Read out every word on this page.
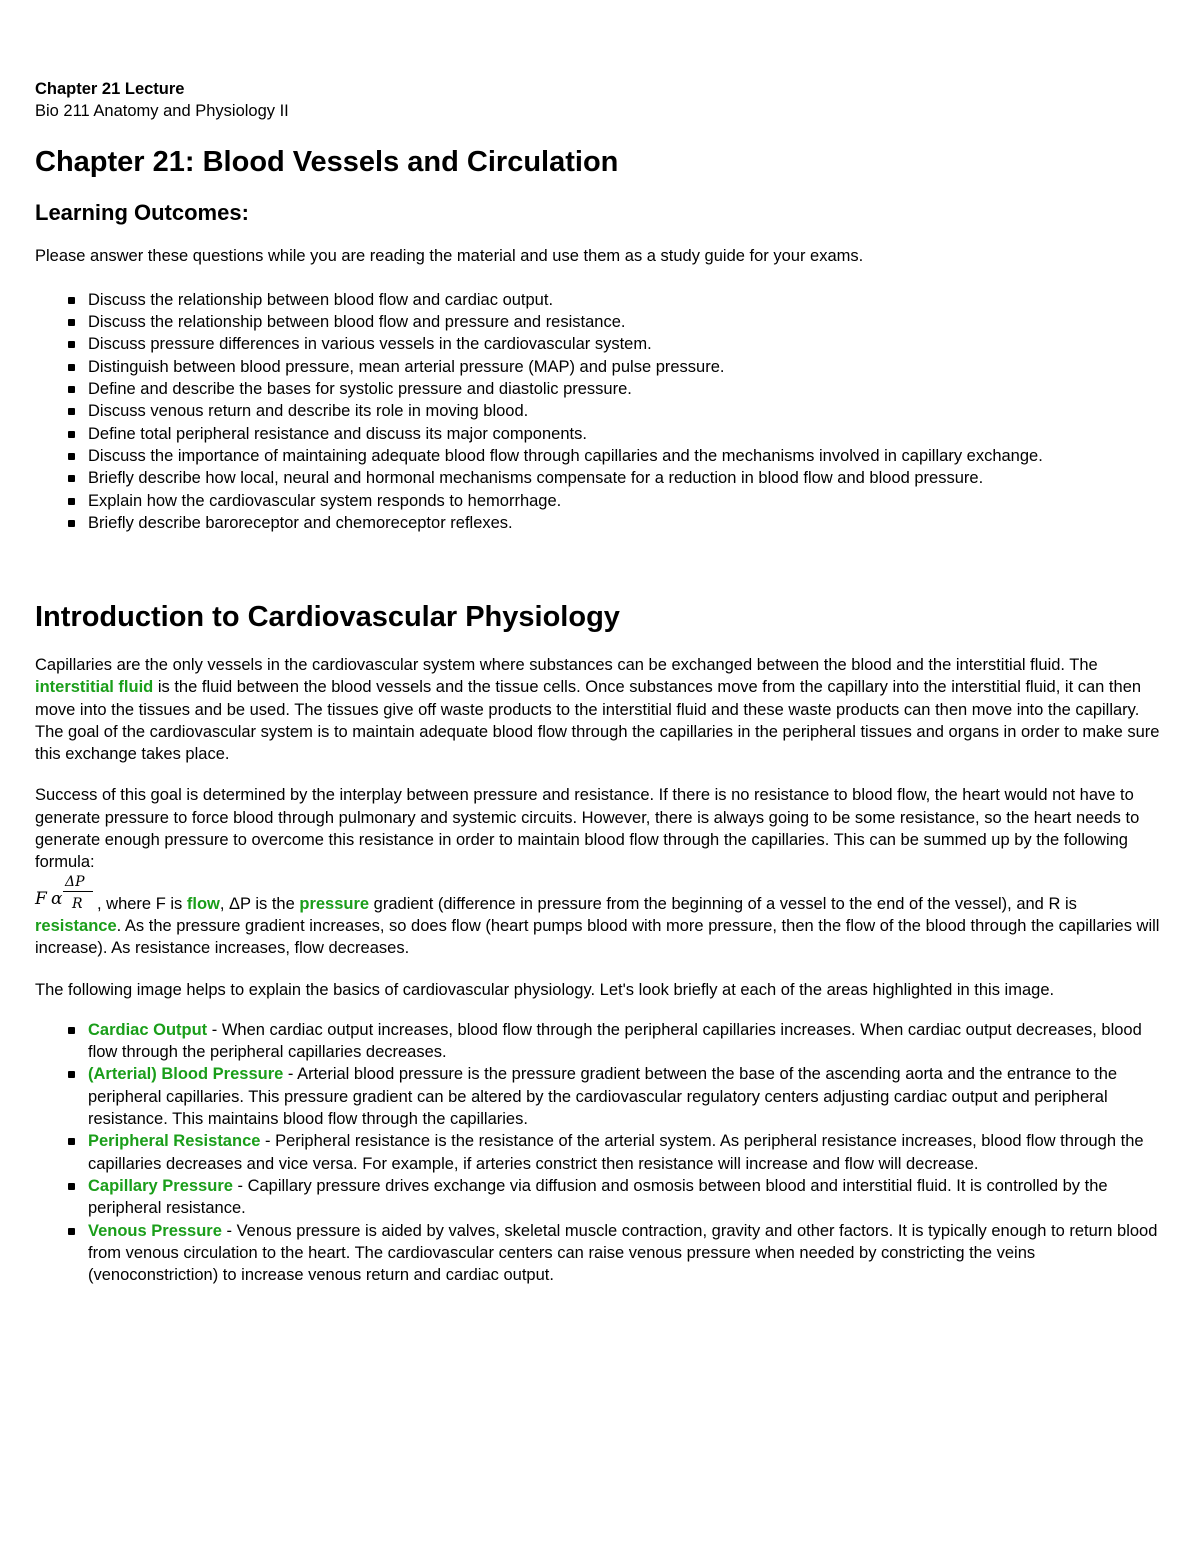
Chapter 21 Lecture

Bio 211 Anatomy and Physiology II

Chapter 21: Blood Vessels and Circulation
Learning Outcomes:

Please answer these questions while you are reading the material and use them as a study guide for your exams.

Discuss the relationship between blood flow and cardiac output.
Discuss the relationship between blood flow and pressure and resistance.
Discuss pressure differences in various vessels in the cardiovascular system.
Distinguish between blood pressure, mean arterial pressure (MAP) and pulse pressure.
Define and describe the bases for systolic pressure and diastolic pressure.
Discuss venous return and describe its role in moving blood.
Define total peripheral resistance and discuss its major components.
Discuss the importance of maintaining adequate blood flow through capillaries and the mechanisms involved in capillary exchange.
Briefly describe how local, neural and hormonal mechanisms compensate for a reduction in blood flow and blood pressure.
Explain how the cardiovascular system responds to hemorrhage.
Briefly describe baroreceptor and chemoreceptor reflexes.
Introduction to Cardiovascular Physiology

Capillaries are the only vessels in the cardiovascular system where substances can be exchanged between the blood and the interstitial fluid. The interstitial fluid is the fluid between the blood vessels and the tissue cells. Once substances move from the capillary into the interstitial fluid, it can then move into the tissues and be used. The tissues give off waste products to the interstitial fluid and these waste products can then move into the capillary. The goal of the cardiovascular system is to maintain adequate blood flow through the capillaries in the peripheral tissues and organs in order to make sure this exchange takes place.

Success of this goal is determined by the interplay between pressure and resistance. If there is no resistance to blood flow, the heart would not have to generate pressure to force blood through pulmonary and systemic circuits. However, there is always going to be some resistance, so the heart needs to generate enough pressure to overcome this resistance in order to maintain blood flow through the capillaries. This can be summed up by the following formula:

F α
ΔP
R , where F is flow, ΔP is the pressure gradient (difference in pressure from the beginning of a vessel to the end of the vessel), and R is resistance. As the pressure gradient increases, so does flow (heart pumps blood with more pressure, then the flow of the blood through the capillaries will increase). As resistance increases, flow decreases.

The following image helps to explain the basics of cardiovascular physiology. Let's look briefly at each of the areas highlighted in this image.

Cardiac Output - When cardiac output increases, blood flow through the peripheral capillaries increases. When cardiac output decreases, blood flow through the peripheral capillaries decreases.
(Arterial) Blood Pressure - Arterial blood pressure is the pressure gradient between the base of the ascending aorta and the entrance to the peripheral capillaries. This pressure gradient can be altered by the cardiovascular regulatory centers adjusting cardiac output and peripheral resistance. This maintains blood flow through the capillaries.
Peripheral Resistance - Peripheral resistance is the resistance of the arterial system. As peripheral resistance increases, blood flow through the capillaries decreases and vice versa. For example, if arteries constrict then resistance will increase and flow will decrease.
Capillary Pressure - Capillary pressure drives exchange via diffusion and osmosis between blood and interstitial fluid. It is controlled by the peripheral resistance.
Venous Pressure - Venous pressure is aided by valves, skeletal muscle contraction, gravity and other factors. It is typically enough to return blood from venous circulation to the heart. The cardiovascular centers can raise venous pressure when needed by constricting the veins (venoconstriction) to increase venous return and cardiac output.
